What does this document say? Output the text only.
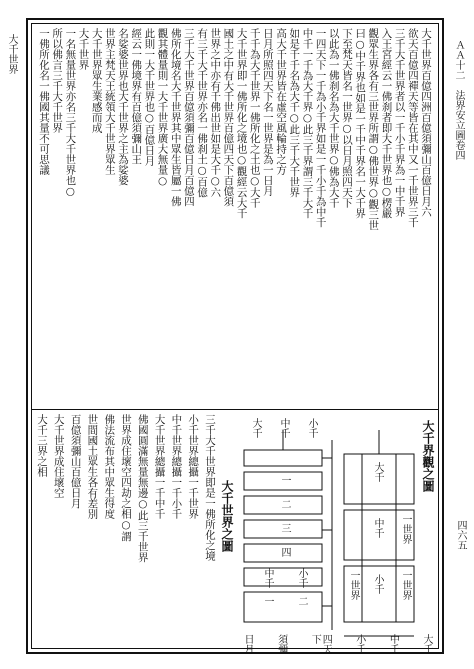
大千世界	ＡＡ十二　法界安立圖卷四
四六五
大千世界百億四洲百億須彌山百億日月六
欲天百億四禪天等皆在其中又一千世界三千
三千大千世界者以一千小千界為一中千界
入王宮經云一佛刹者即大千世界也○楞嚴
觀眾生界各有三世界所謂○佛世界○觀三世
曰○中千界也如是一千中千界名一大千界
下至梵天皆名一世界○以日月照四天下
以此為一佛刹名為大千世界○佛為大千
一四天下一千為小千界如是一千小千為中千
中千一千為大千界○此三千界謂三千大千
如是千千名為大千○此三千大千世界
高大千世界皆在虛空風輪持之方
日月所照四天下名一世界是為一日月
千千為大千世界一佛所化之土也○大千
大千世界即一佛所化之境也○觀經云大千
國土之中有大千世界百億四天下百億須
世界之中亦有千佛出世如是大千○六
有三千大千世界亦名一佛刹土○百億
三千大千世界百億須彌百億日月百億四
佛所化境名大千世界其中眾生皆屬一佛
觀其體量則一大千世界廣大無量○
此則一大千世界也○百億日月
經云一佛境界有百億須彌山王
名娑婆世界也大千世界之主為娑婆
世界主梵天王統領大千世界眾生
大千世界眾生業感而成
大千世界
一名無量世界亦名三千大千世界也○
所以佛言三千大千世界
一佛所化名一佛國其量不可思議
三千大千世界即是一佛所化之境
小千世界總攝一千世界
中千世界總攝一千小千
大千世界總攝一千中千
佛國圓滿無量無邊○此三千世界
世界成住壞空四劫之相○謂
佛法流布其中眾生得度
世間國土眾生各有差別
百億須彌山百億日月
大千世界成住壞空
大千三界之相
大千世界之圖
大千界觀之圖
大千 中千 小千
一
二
三
四
中千 小千
一 二
大千
中千
小千
一世界	一世界
一世界
大千
中千
小千
四天下
須彌
日月
